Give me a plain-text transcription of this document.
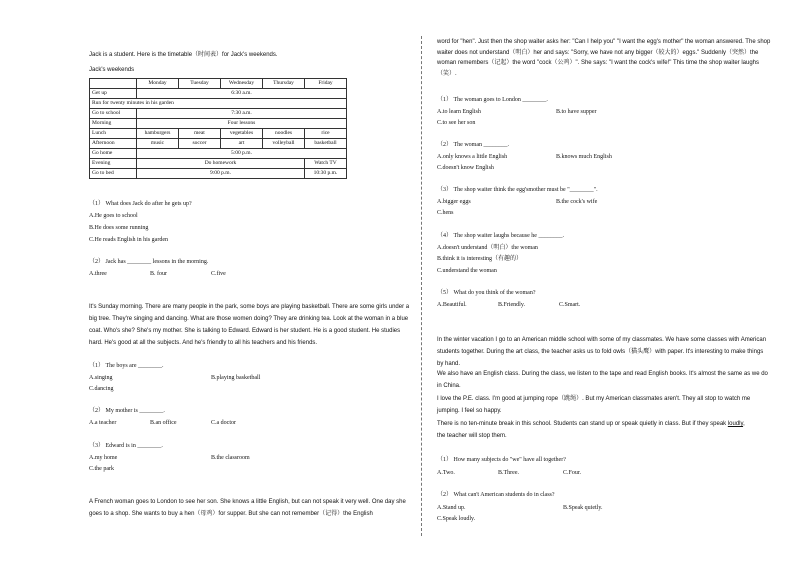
Jack is a student. Here is the timetable（时间表）for Jack's weekends.
Jack's weekends
	Monday	Tuesday	Wednesday	Thursday	Friday
Get up	6:30 a.m.				
Run for twenty minutes in his garden					
Go to school	7:30 a.m.				
Morning	Four lessons				
Lunch	hamburgers	meat	vegetables	noodles	rice
Afternoon	music	soccer	art	volleyball	basketball
Go home	5:00 p.m.				
Evening	Do homework				Watch TV
Go to bed	9:00 p.m.				10:30 p.m.
（1） What does Jack do after he gets up?
A.He goes to school
B.He does some running
C.He reads English in his garden
（2） Jack has ________ lessons in the morning.
A.three	B. four	C.five
It's Sunday morning. There are many people in the park, some boys are playing basketball. There are some girls under a big tree. They're singing and dancing. What are those women doing? They are drinking tea. Look at the woman in a blue coat. Who's she? She's my mother. She is talking to Edward. Edward is her student. He is a good student. He studies hard. He's good at all the subjects. And he's friendly to all his teachers and his friends.
（1） The boys are ________.
A.singing	B.playing basketball
C.dancing
（2） My mother is ________.
A.a teacher	B.an office	C.a doctor
（3） Edward is in ________.
A.my home	B.the classroom
C.the park
A French woman goes to London to see her son. She knows a little English, but can not speak it very well. One day she goes to a shop. She wants to buy a hen（母鸡）for supper. But she can not remember（记得）the English
word for "hen". Just then the shop waiter asks her: "Can I help you" "I want the egg's mother" the woman answered. The shop waiter does not understand（明白）her and says: "Sorry, we have not any bigger（较大的）eggs." Suddenly（突然）the woman remembers（记起）the word "cock（公鸡）". She says: "I want the cock's wife!" This time the shop waiter laughs（笑）.
（1） The woman goes to London ________.
A.to learn English	B.to have supper
C.to see her son
（2） The woman ________.
A.only knows a little English	B.knows much English
C.doesn't know English
（3） The shop waiter think the egg'smother must be "________".
A.bigger eggs	B.the cock's wife
C.hens
（4） The shop waiter laughs because he ________.
A.doesn't understand（明白）the woman
B.think it is interesting（有趣的）
C.understand the woman
（5） What do you think of the woman?
A.Beautiful.	B.Friendly.	C.Smart.
In the winter vacation I go to an American middle school with some of my classmates. We have some classes with American students together. During the art class, the teacher asks us to fold owls（猫头鹰）with paper. It's interesting to make things by hand.
We also have an English class. During the class, we listen to the tape and read English books. It's almost the same as we do in China.
I love the P.E. class. I'm good at jumping rope（跳绳）. But my American classmates aren't. They all stop to watch me jumping. I feel so happy.
There is no ten-minute break in this school. Students can stand up or speak quietly in class. But if they speak loudly,
the teacher will stop them.
（1） How many subjects do "we" have all together?
A.Two.	B.Three.	C.Four.
（2） What can't American students do in class?
A.Stand up.	B.Speak quietly.
C.Speak loudly.
